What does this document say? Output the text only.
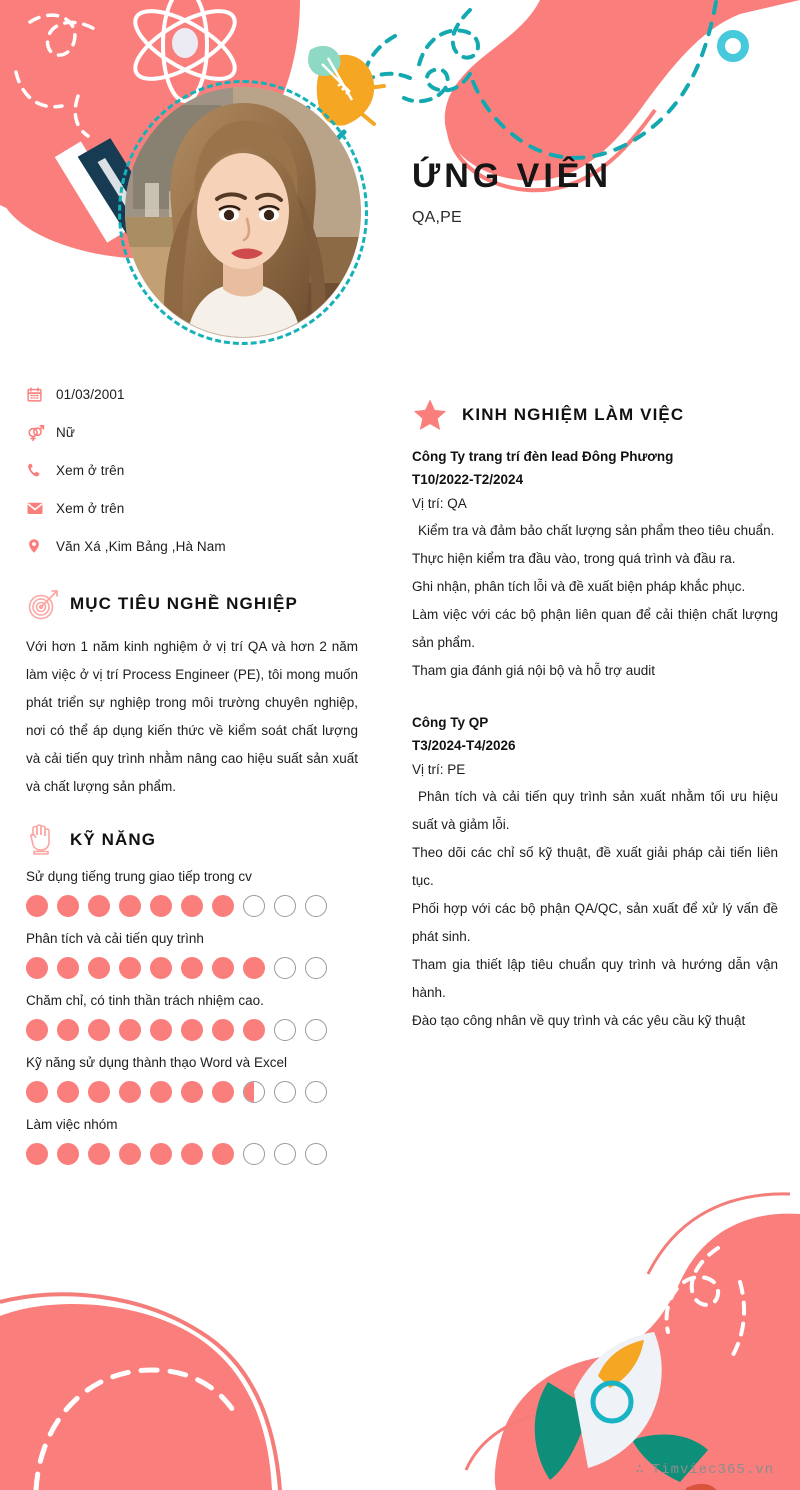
ỨNG VIÊN
QA,PE
01/03/2001
Nữ
Xem ở trên
Xem ở trên
Văn Xá ,Kim Bảng ,Hà Nam
MỤC TIÊU NGHỀ NGHIỆP
Với hơn 1 năm kinh nghiệm ở vị trí QA và hơn 2 năm làm việc ở vị trí Process Engineer (PE), tôi mong muốn phát triển sự nghiệp trong môi trường chuyên nghiệp, nơi có thể áp dụng kiến thức về kiểm soát chất lượng và cải tiến quy trình nhằm nâng cao hiệu suất sản xuất và chất lượng sản phẩm.
KỸ NĂNG
Sử dụng tiếng trung giao tiếp trong cv
Phân tích và cải tiến quy trình
Chăm chỉ, có tinh thần trách nhiệm cao.
Kỹ năng sử dụng thành thạo Word và Excel
Làm việc nhóm
KINH NGHIỆM LÀM VIỆC
Công Ty trang trí đèn lead Đông Phương
T10/2022-T2/2024
Vị trí: QA
Kiểm tra và đảm bảo chất lượng sản phẩm theo tiêu chuẩn.
Thực hiện kiểm tra đầu vào, trong quá trình và đầu ra.
Ghi nhận, phân tích lỗi và đề xuất biện pháp khắc phục.
Làm việc với các bộ phận liên quan để cải thiện chất lượng sản phẩm.
Tham gia đánh giá nội bộ và hỗ trợ audit
Công Ty QP
T3/2024-T4/2026
Vị trí: PE
Phân tích và cải tiến quy trình sản xuất nhằm tối ưu hiệu suất và giảm lỗi.
Theo dõi các chỉ số kỹ thuật, đề xuất giải pháp cải tiến liên tục.
Phối hợp với các bộ phận QA/QC, sản xuất để xử lý vấn đề phát sinh.
Tham gia thiết lập tiêu chuẩn quy trình và hướng dẫn vận hành.
Đào tạo công nhân về quy trình và các yêu cầu kỹ thuật
∴ Timviec365.vn
